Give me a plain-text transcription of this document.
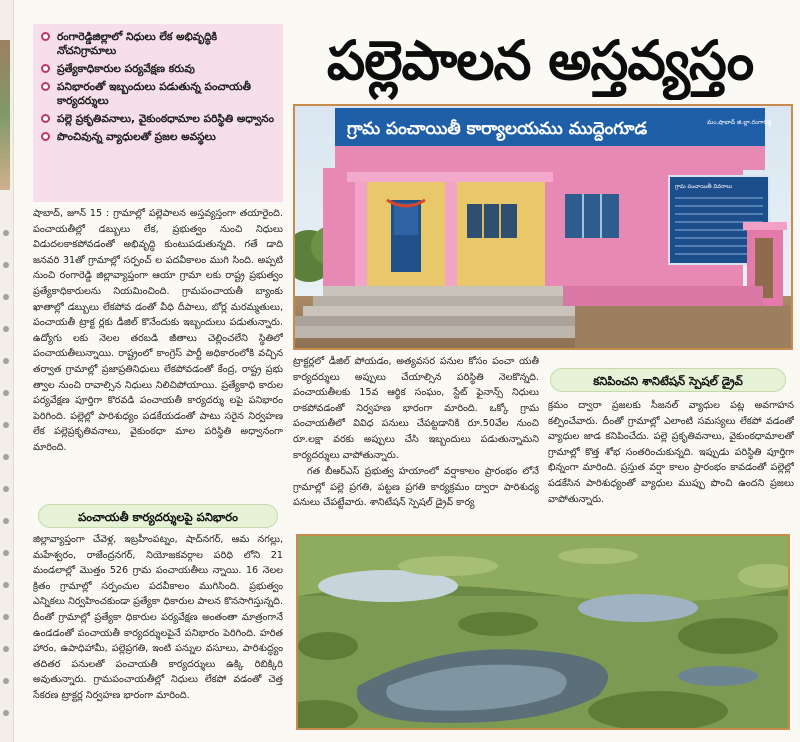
రంగారెడ్డిజిల్లాలో నిధులు లేక అభివృద్ధికి నోచనిగ్రామాలు
ప్రత్యేకాధికారుల పర్యవేక్షణ కరువు
పనిభారంతో ఇబ్బందులు పడుతున్న పంచాయతీ కార్యదర్శులు
పల్లె ప్రకృతివనాలు, వైకుంఠధామాల పరిస్థితి అధ్వానం
పొంచివున్న వ్యాధులతో ప్రజల అవస్థలు
పల్లెపాలన అస్తవ్యస్తం
గ్రామ పంచాయితీ కార్యాలయము ముద్దెంగూడ	మం.షాబాద్ జి.ల్లా.రంగారెడ్డి
గ్రామ పంచాయితీ వివరాలు
షాబాద్, జూన్ 15 : గ్రామాల్లో పల్లెపాలన అస్తవ్యస్తంగా తయారైంది. పంచాయతీల్లో డబ్బులు లేక, ప్రభుత్వం నుంచి నిధులు విడుదలకాకపోవడంతో అభివృద్ధి కుంటుపడుతున్నది. గతే డాది జనవరి 31తో గ్రామాల్లో సర్పంచ్ ల పదవీకాలం ముగి సింది. అప్పటి నుంచి రంగారెడ్డి జిల్లావ్యాప్తంగా ఆయా గ్రామా లకు రాష్ట్ర ప్రభుత్వం ప్రత్యేకాధికారులను నియమించింది. గ్రామపంచాయతీ బ్యాంకు ఖాతాల్లో డబ్బులు లేకపోవ డంతో వీధి దీపాలు, బోర్ల మరమ్మతులు, పంచాయతీ ట్రాక్ట ర్లకు డీజిల్ కొనేందుకు ఇబ్బందులు పడుతున్నారు. ఉద్యోగు లకు నెలల తరబడి జీతాలు చెల్లించలేని స్థితిలో పంచాయతీలున్నాయి. రాష్ట్రంలో కాంగ్రెస్ పార్టీ అధికారంలోకి వచ్చిన తర్వాత గ్రామాల్లో ప్రజాప్రతినిధులు లేకపోవడంతో కేంద్ర, రాష్ట్ర ప్రభు త్వాల నుంచి రావాల్సిన నిధులు నిలిచిపోయాయి. ప్రత్యేకాధి కారుల పర్యవేక్షణ పూర్తిగా కొరవడి పంచాయతీ కార్యదర్శు లపై పనిభారం పెరిగింది. పల్లెల్లో పారిశుధ్యం పడకేయడంతో పాటు సరైన నిర్వహణ లేక పల్లెప్రకృతివనాలు, వైకుంఠధా మాల పరిస్థితి అధ్వానంగా మారింది.
పంచాయతీ కార్యదర్శులపై పనిభారం
జిల్లావ్యాప్తంగా చేవెళ్ల, ఇబ్రహీంపట్నం, షాద్‌నగర్, ఆమ నగల్లు, మహేశ్వరం, రాజేంద్రనగర్, నియోజకవర్గాల పరిధి లోని 21 మండలాల్లో మొత్తం 526 గ్రామ పంచాయతీలు న్నాయి. 16 నెలల క్రితం గ్రామాల్లో సర్పంచుల పదవీకాలం ముగిసింది. ప్రభుత్వం ఎన్నికలు నిర్వహించకుండా ప్రత్యేకా ధికారుల పాలన కొనసాగిస్తున్నది. దీంతో గ్రామాల్లో ప్రత్యేకా ధికారుల పర్యవేక్షణ అంతంతా మాత్రంగానే ఉండడంతో పంచాయతీ కార్యదర్శులపైనే పనిభారం పెరిగింది. హరిత హారం, ఉపాధిహామీ, పల్లెప్రగతి, ఇంటి పన్నుల వసూలు, పారిశుద్ధ్యం తదితర పనులతో పంచాయతీ కార్యదర్శులు ఉక్కి రిబిక్కిరి అవుతున్నారు. గ్రామపంచాయతీల్లో నిధులు లేకపో వడంతో చెత్త సేకరణ ట్రాక్టర్ల నిర్వహణ భారంగా మారింది.
ట్రాక్టర్లలో డీజిల్ పోయడం, అత్యవసర పనుల కోసం పంచా యతీ కార్యదర్శులు అప్పులు చేయాల్సిన పరిస్థితి నెలకొన్నది. పంచాయతీలకు 15వ ఆర్థిక సంఘం, స్టేట్ ఫైనాన్స్ నిధులు రాకపోవడంతో నిర్వహణ భారంగా మారింది. ఒక్కో గ్రామ పంచాయతీలో వివిధ పనులు చేపట్టడానికి రూ.50వేల నుంచి రూ.లక్షా వరకు అప్పులు చేసి ఇబ్బందులు పడుతున్నామని కార్యదర్శులు వాపోతున్నారు.
గత బీఆర్ఎస్ ప్రభుత్వ హయాంలో వర్షాకాలం ప్రారంభం లోనే గ్రామాల్లో పల్లె ప్రగతి, పట్టణ ప్రగతి కార్యక్రమం ద్వారా పారిశుధ్య పనులు చేపట్టేవారు. శానిటేషన్ స్పెషల్ డ్రైవ్ కార్య
కనిపించని శానిటేషన్ స్పెషల్ డ్రైవ్
క్రమం ద్వారా ప్రజలకు సీజనల్ వ్యాధుల పట్ల అవగాహన కల్పించేవారు. దీంతో గ్రామాల్లో ఎలాంటి సమస్యలు లేకపో వడంతో వ్యాధుల జాడ కనిపించేదు. పల్లె ప్రకృతివనాలు, వైకుంఠధామాలతో గ్రామాల్లో కొత్త శోభ సంతరించుకున్నది. ఇప్పుడు పరిస్థితి పూర్తిగా భిన్నంగా మారింది. ప్రస్తుత వర్షా కాలం ప్రారంభం కావడంతో పల్లెల్లో పడకేసిన పారిశుధ్యంతో వ్యాధుల ముప్పు పొంచి ఉందని ప్రజలు వాపోతున్నారు.
